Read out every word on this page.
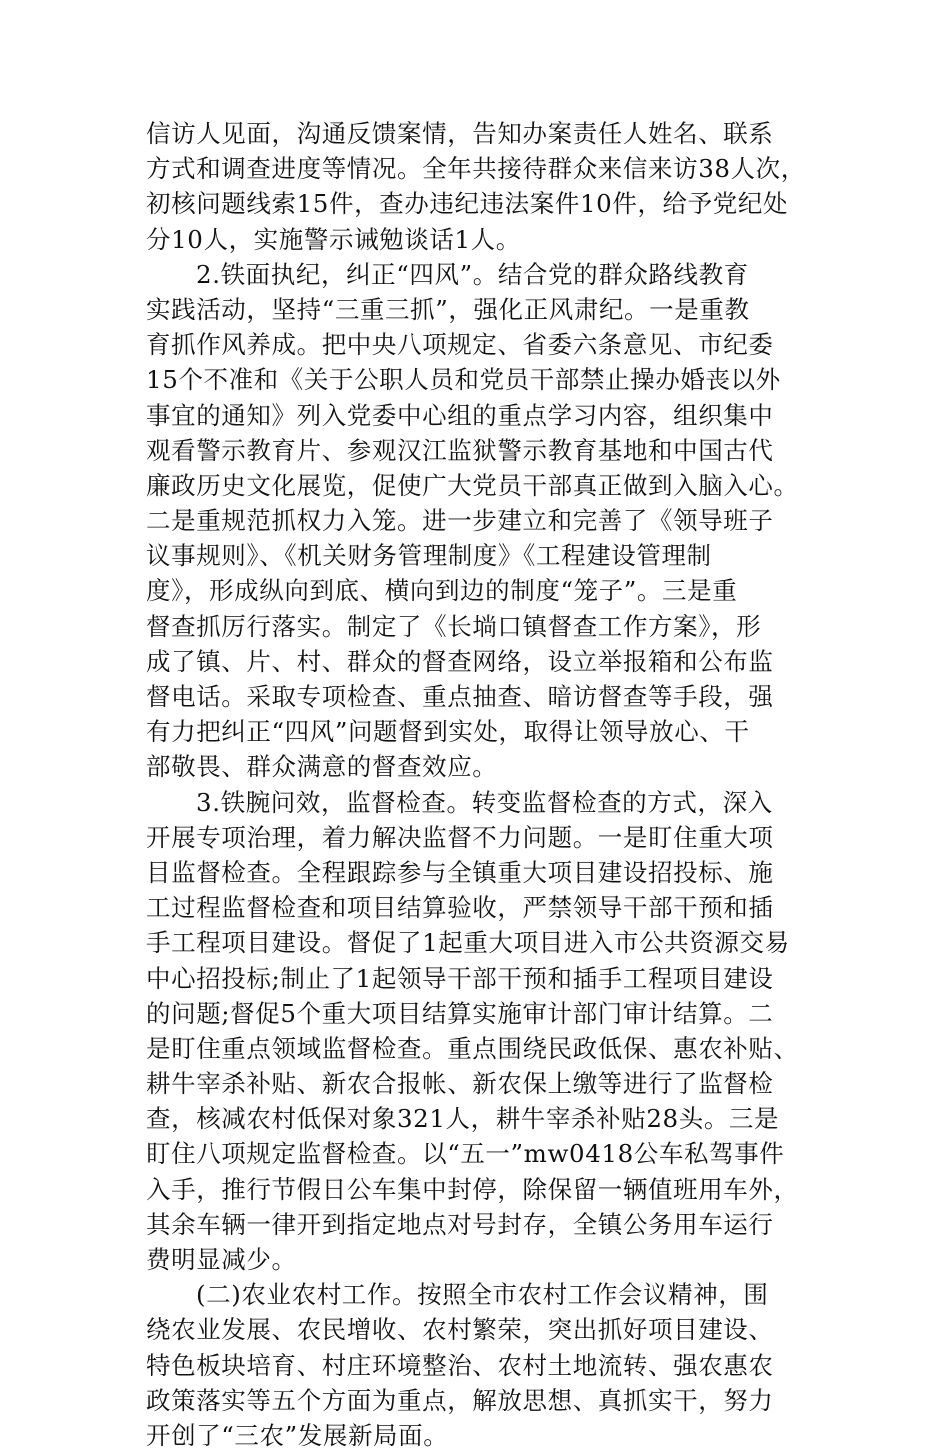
信访人见面，沟通反馈案情，告知办案责任人姓名、联系
方式和调查进度等情况。全年共接待群众来信来访38人次，
初核问题线索15件，查办违纪违法案件10件，给予党纪处
分10人，实施警示诫勉谈话1人。
2.铁面执纪，纠正“四风”。结合党的群众路线教育
实践活动，坚持“三重三抓”，强化正风肃纪。一是重教
育抓作风养成。把中央八项规定、省委六条意见、市纪委
15个不准和《关于公职人员和党员干部禁止操办婚丧以外
事宜的通知》列入党委中心组的重点学习内容，组织集中
观看警示教育片、参观汉江监狱警示教育基地和中国古代
廉政历史文化展览，促使广大党员干部真正做到入脑入心。
二是重规范抓权力入笼。进一步建立和完善了《领导班子
议事规则》、《机关财务管理制度》《工程建设管理制
度》，形成纵向到底、横向到边的制度“笼子”。三是重
督查抓厉行落实。制定了《长埫口镇督查工作方案》，形
成了镇、片、村、群众的督查网络，设立举报箱和公布监
督电话。采取专项检查、重点抽查、暗访督查等手段，强
有力把纠正“四风”问题督到实处，取得让领导放心、干
部敬畏、群众满意的督查效应。
3.铁腕问效，监督检查。转变监督检查的方式，深入
开展专项治理，着力解决监督不力问题。一是盯住重大项
目监督检查。全程跟踪参与全镇重大项目建设招投标、施
工过程监督检查和项目结算验收，严禁领导干部干预和插
手工程项目建设。督促了1起重大项目进入市公共资源交易
中心招投标;制止了1起领导干部干预和插手工程项目建设
的问题;督促5个重大项目结算实施审计部门审计结算。二
是盯住重点领域监督检查。重点围绕民政低保、惠农补贴、
耕牛宰杀补贴、新农合报帐、新农保上缴等进行了监督检
查，核减农村低保对象321人，耕牛宰杀补贴28头。三是
盯住八项规定监督检查。以“五一”mw0418公车私驾事件
入手，推行节假日公车集中封停，除保留一辆值班用车外，
其余车辆一律开到指定地点对号封存，全镇公务用车运行
费明显减少。
(二)农业农村工作。按照全市农村工作会议精神，围
绕农业发展、农民增收、农村繁荣，突出抓好项目建设、
特色板块培育、村庄环境整治、农村土地流转、强农惠农
政策落实等五个方面为重点，解放思想、真抓实干，努力
开创了“三农”发展新局面。
